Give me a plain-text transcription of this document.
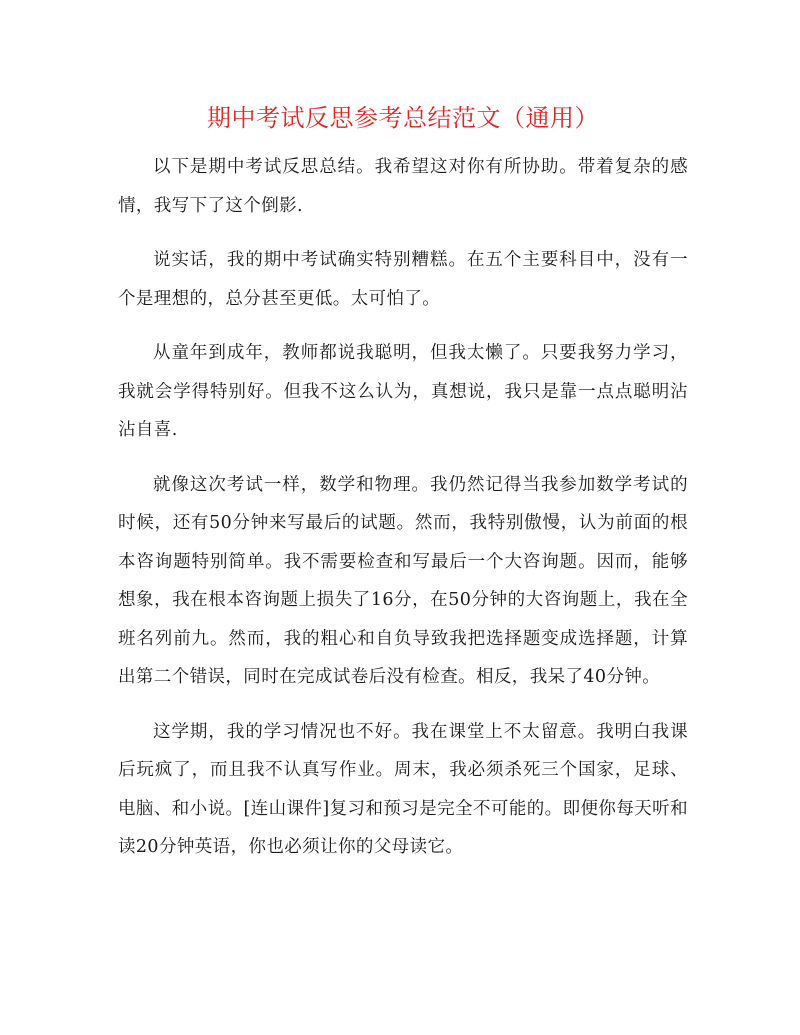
期中考试反思参考总结范文（通用）

以下是期中考试反思总结。我希望这对你有所协助。带着复杂的感情，我写下了这个倒影.

说实话，我的期中考试确实特别糟糕。在五个主要科目中，没有一个是理想的，总分甚至更低。太可怕了。

从童年到成年，教师都说我聪明，但我太懒了。只要我努力学习，我就会学得特别好。但我不这么认为，真想说，我只是靠一点点聪明沾沾自喜.

就像这次考试一样，数学和物理。我仍然记得当我参加数学考试的时候，还有50分钟来写最后的试题。然而，我特别傲慢，认为前面的根本咨询题特别简单。我不需要检查和写最后一个大咨询题。因而，能够想象，我在根本咨询题上损失了16分，在50分钟的大咨询题上，我在全班名列前九。然而，我的粗心和自负导致我把选择题变成选择题，计算出第二个错误，同时在完成试卷后没有检查。相反，我呆了40分钟。

这学期，我的学习情况也不好。我在课堂上不太留意。我明白我课后玩疯了，而且我不认真写作业。周末，我必须杀死三个国家，足球、电脑、和小说。[连山课件]复习和预习是完全不可能的。即便你每天听和读20分钟英语，你也必须让你的父母读它。
